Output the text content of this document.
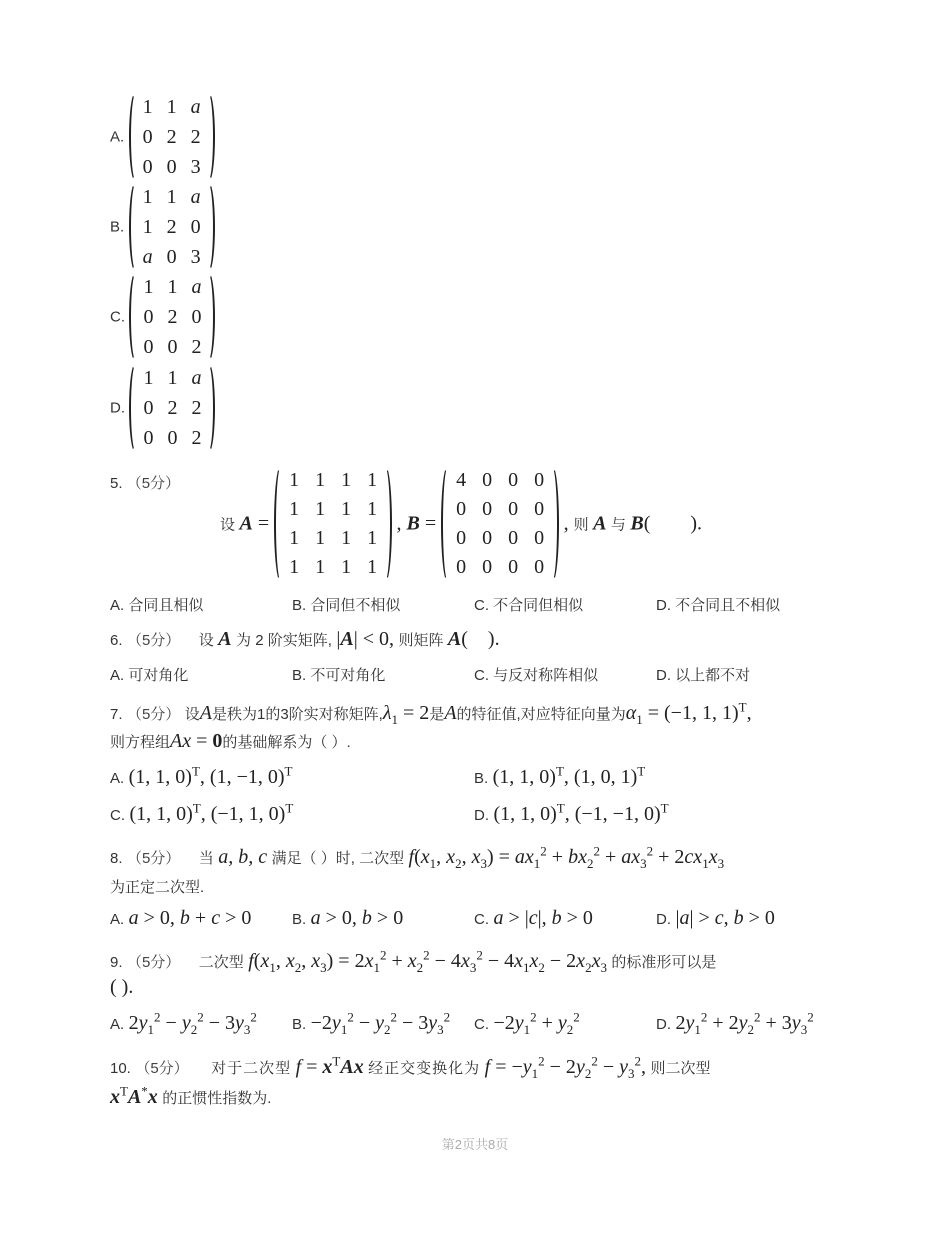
A.
1	1	a
0	2	2
0	0	3
B.
1	1	a
1	2	0
a	0	3
C.
1	1	a
0	2	0
0	0	2
D.
1	1	a
0	2	2
0	0	2
5. （5分）
设 A =
1	1	1	1
1	1	1	1
1	1	1	1
1	1	1	1
, B =
4	0	0	0
0	0	0	0
0	0	0	0
0	0	0	0
, 则 A 与 B(        ).
A. 合同且相似	B. 合同但不相似	C. 不合同但相似	D. 不合同且不相似
6. （5分） 设 A 为 2 阶实矩阵, |A| < 0, 则矩阵 A(    ).
A. 可对角化	B. 不可对角化	C. 与反对称阵相似	D. 以上都不对
7. （5分） 设A是秩为1的3阶实对称矩阵$,\lambda_1 = 2$是A的特征值,对应特征向量为$\alpha_1 = (-1$, 1, 1)$^T$,
则方程组Ax = 0的基础解系为（ ）.
A. (1, 1, 0)$^T$, (1, −1, 0)$^T$	B. (1, 1, 0)$^T$, (1, 0, 1)$^T$
C. (1, 1, 0)$^T$, (−1, 1, 0)$^T$	D. (1, 1, 0)$^T$, (−1, −1, 0)$^T$
8. （5分） 当 a, b, c 满足（ ）时, 二次型 $f(x_1$, $x_2$, $x_3) = ax_1^2 + bx_2^2 + ax_3^2 + 2cx_1x_3$
为正定二次型.
A. a > 0, b + c > 0	B. a > 0, b > 0	C. a > |c|, b > 0	D. |a| > c, b > 0
9. （5分） 二次型 $f(x_1$, $x_2$, $x_3) = 2x_1^2 + x_2^2 - 4x_3^2 - 4x_1x_2 - 2x_2x_3$ 的标准形可以是
( ).
A. $2y_1^2 - y_2^2 - 3y_3^2$ B. $-2y_1^2 - y_2^2 - 3y_3^2$ C. $-2y_1^2 + y_2^2$	D. $2y_1^2 + 2y_2^2 + 3y_3^2$
10. （5分） 对于二次型 $f = x^TAx$ 经正交变换化为 $f = -y_1^2 - 2y_2^2 - y_3^2$, 则二次型
$x^TA^*x$ 的正惯性指数为.
第2页共8页
